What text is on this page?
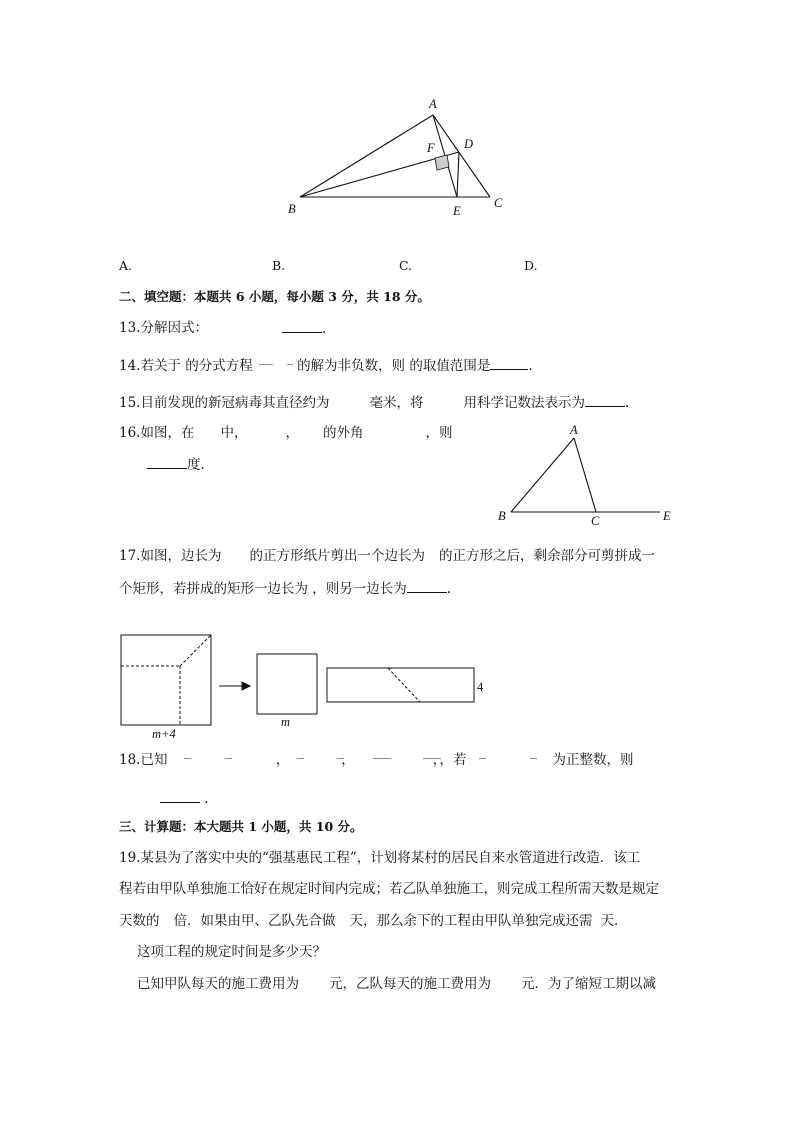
A
B	C
D
E
F
A.	B.	C.	D.
二、填空题：本题共 6 小题，每小题 3 分，共 18 分。
13.分解因式：	.
14.若关于 的分式方程	的解为非负数，则 的取值范围是	.
15.目前发现的新冠病毒其直径约为	毫米，将	用科学记数法表示为	.
16.如图，在 中，	， 的外角	，则
度.
A
B	C	E
17.如图，边长为 的正方形纸片剪出一个边长为 的正方形之后，剩余部分可剪拼成一
个矩形，若拼成的矩形一边长为 ，则另一边长为	.
m+4
m
4
18.已知	，	，	，，若	为正整数，则
.
三、计算题：本大题共 1 小题，共 10 分。
19.某县为了落实中央的“强基惠民工程”，计划将某村的居民自来水管道进行改造．该工
程若由甲队单独施工恰好在规定时间内完成；若乙队单独施工，则完成工程所需天数是规定
天数的 倍．如果由甲、乙队先合做 天，那么余下的工程由甲队单独完成还需 天．
这项工程的规定时间是多少天？
已知甲队每天的施工费用为 元，乙队每天的施工费用为 元．为了缩短工期以减
